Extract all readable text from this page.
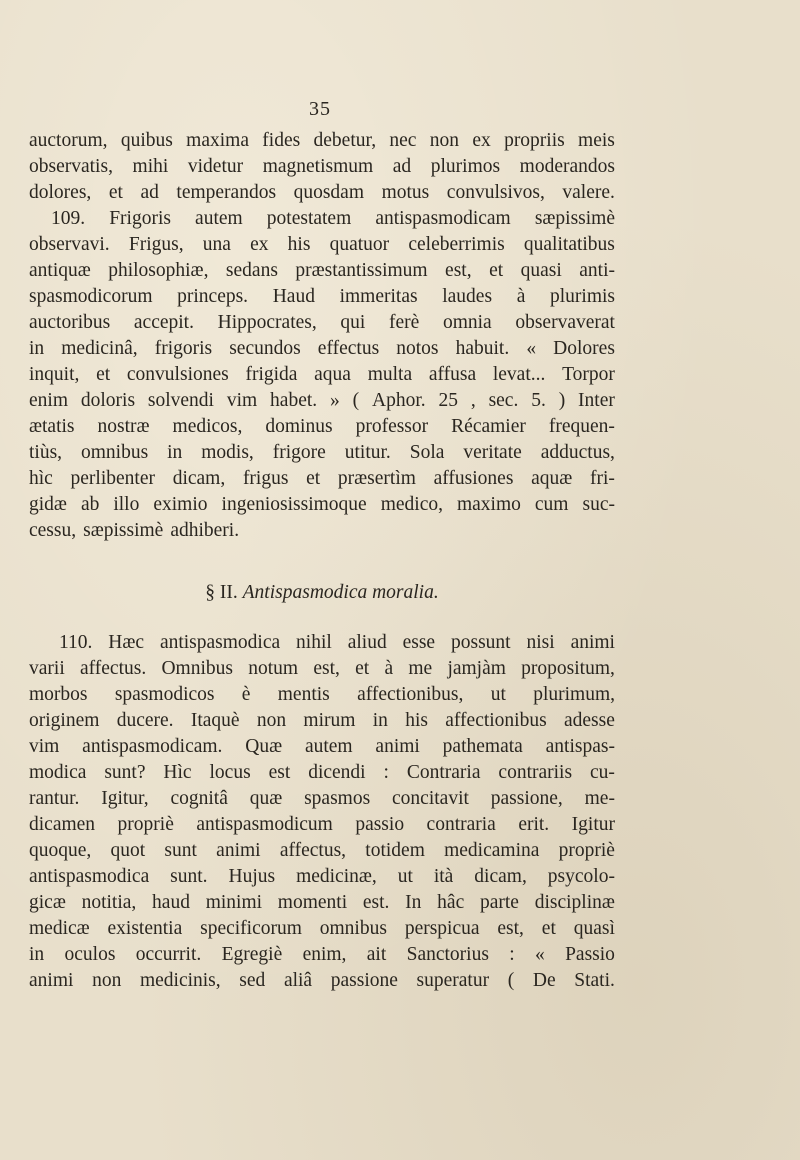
35
auctorum, quibus maxima fides debetur, nec non ex propriis meis
observatis, mihi videtur magnetismum ad plurimos moderandos
dolores, et ad temperandos quosdam motus convulsivos, valere.
109. Frigoris autem potestatem antispasmodicam sæpissimè
observavi. Frigus, una ex his quatuor celeberrimis qualitatibus
antiquæ philosophiæ, sedans præstantissimum est, et quasi anti-
spasmodicorum princeps. Haud immeritas laudes à plurimis
auctoribus accepit. Hippocrates, qui ferè omnia observaverat
in medicinâ, frigoris secundos effectus notos habuit. « Dolores
inquit, et convulsiones frigida aqua multa affusa levat... Torpor
enim doloris solvendi vim habet. » ( Aphor. 25 , sec. 5. ) Inter
ætatis nostræ medicos, dominus professor Récamier frequen-
tiùs, omnibus in modis, frigore utitur. Sola veritate adductus,
hìc perlibenter dicam, frigus et præsertìm affusiones aquæ fri-
gidæ ab illo eximio ingeniosissimoque medico, maximo cum suc-
cessu, sæpissimè adhiberi.
§ II. Antispasmodica moralia.
110. Hæc antispasmodica nihil aliud esse possunt nisi animi
varii affectus. Omnibus notum est, et à me jamjàm propositum,
morbos spasmodicos è mentis affectionibus, ut plurimum,
originem ducere. Itaquè non mirum in his affectionibus adesse
vim antispasmodicam. Quæ autem animi pathemata antispas-
modica sunt? Hìc locus est dicendi : Contraria contrariis cu-
rantur. Igitur, cognitâ quæ spasmos concitavit passione, me-
dicamen propriè antispasmodicum passio contraria erit. Igitur
quoque, quot sunt animi affectus, totidem medicamina propriè
antispasmodica sunt. Hujus medicinæ, ut ità dicam, psycolo-
gicæ notitia, haud minimi momenti est. In hâc parte disciplinæ
medicæ existentia specificorum omnibus perspicua est, et quasì
in oculos occurrit. Egregiè enim, ait Sanctorius : « Passio
animi non medicinis, sed aliâ passione superatur ( De Stati.
